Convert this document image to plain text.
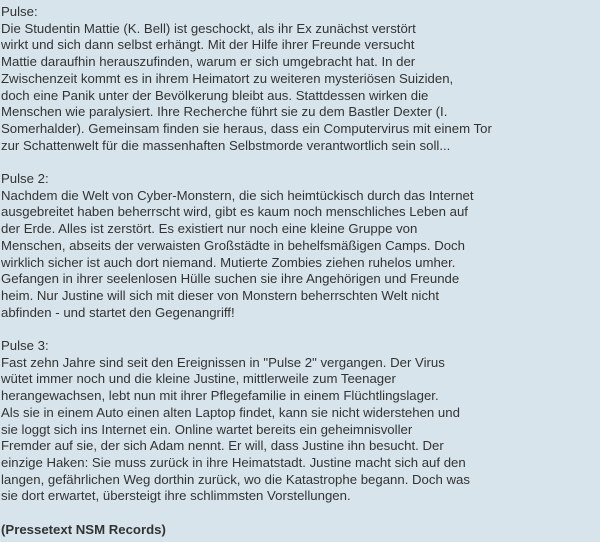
Pulse:

Die Studentin Mattie (K. Bell) ist geschockt, als ihr Ex zunächst verstört
wirkt und sich dann selbst erhängt. Mit der Hilfe ihrer Freunde versucht
Mattie daraufhin herauszufinden, warum er sich umgebracht hat. In der
Zwischenzeit kommt es in ihrem Heimatort zu weiteren mysteriösen Suiziden,
doch eine Panik unter der Bevölkerung bleibt aus. Stattdessen wirken die
Menschen wie paralysiert. Ihre Recherche führt sie zu dem Bastler Dexter (I.
Somerhalder). Gemeinsam finden sie heraus, dass ein Computervirus mit einem Tor
zur Schattenwelt für die massenhaften Selbstmorde verantwortlich sein soll...

Pulse 2:

Nachdem die Welt von Cyber-Monstern, die sich heimtückisch durch das Internet
ausgebreitet haben beherrscht wird, gibt es kaum noch menschliches Leben auf
der Erde. Alles ist zerstört. Es existiert nur noch eine kleine Gruppe von
Menschen, abseits der verwaisten Großstädte in behelfsmäßigen Camps. Doch
wirklich sicher ist auch dort niemand. Mutierte Zombies ziehen ruhelos umher.
Gefangen in ihrer seelenlosen Hülle suchen sie ihre Angehörigen und Freunde
heim. Nur Justine will sich mit dieser von Monstern beherrschten Welt nicht
abfinden - und startet den Gegenangriff!

Pulse 3:

Fast zehn Jahre sind seit den Ereignissen in "Pulse 2" vergangen. Der Virus
wütet immer noch und die kleine Justine, mittlerweile zum Teenager
herangewachsen, lebt nun mit ihrer Pflegefamilie in einem Flüchtlingslager.
Als sie in einem Auto einen alten Laptop findet, kann sie nicht widerstehen und
sie loggt sich ins Internet ein. Online wartet bereits ein geheimnisvoller
Fremder auf sie, der sich Adam nennt. Er will, dass Justine ihn besucht. Der
einzige Haken: Sie muss zurück in ihre Heimatstadt. Justine macht sich auf den
langen, gefährlichen Weg dorthin zurück, wo die Katastrophe begann. Doch was
sie dort erwartet, übersteigt ihre schlimmsten Vorstellungen.

(Pressetext NSM Records)
